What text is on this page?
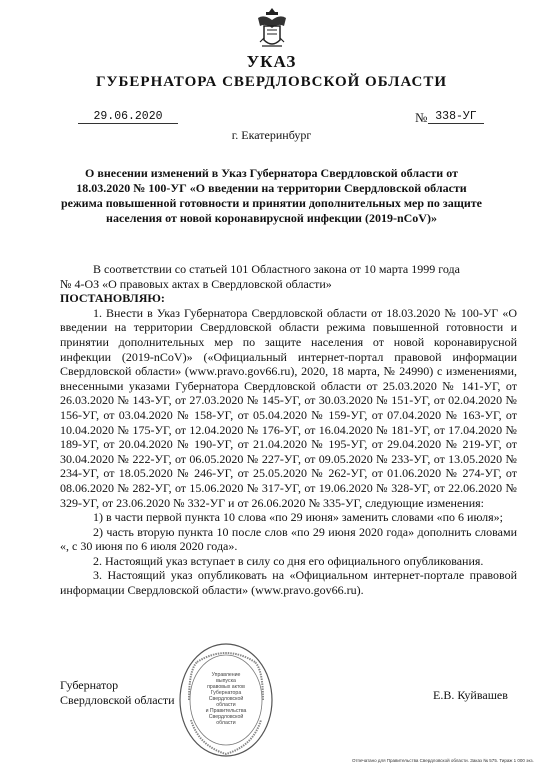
УКАЗ
ГУБЕРНАТОРА СВЕРДЛОВСКОЙ ОБЛАСТИ
29.06.2020	№ 338-УГ
г. Екатеринбург
О внесении изменений в Указ Губернатора Свердловской области от 18.03.2020 № 100-УГ «О введении на территории Свердловской области режима повышенной готовности и принятии дополнительных мер по защите населения от новой коронавирусной инфекции (2019-nCoV)»

В соответствии со статьей 101 Областного закона от 10 марта 1999 года

№ 4-ОЗ «О правовых актах в Свердловской области»

ПОСТАНОВЛЯЮ:

1. Внести в Указ Губернатора Свердловской области от 18.03.2020 № 100-УГ «О введении на территории Свердловской области режима повышенной готовности и принятии дополнительных мер по защите населения от новой коронавирусной инфекции (2019-nCoV)» («Официальный интернет-портал правовой информации Свердловской области» (www.pravo.gov66.ru), 2020, 18 марта, № 24990) с изменениями, внесенными указами Губернатора Свердловской области от 25.03.2020 № 141-УГ, от 26.03.2020 № 143-УГ, от 27.03.2020 № 145-УГ, от 30.03.2020 № 151-УГ, от 02.04.2020 № 156-УГ, от 03.04.2020 № 158-УГ, от 05.04.2020 № 159-УГ, от 07.04.2020 № 163-УГ, от 10.04.2020 № 175-УГ, от 12.04.2020 № 176-УГ, от 16.04.2020 № 181-УГ, от 17.04.2020 № 189-УГ, от 20.04.2020 № 190-УГ, от 21.04.2020 № 195-УГ, от 29.04.2020 № 219-УГ, от 30.04.2020 № 222-УГ, от 06.05.2020 № 227-УГ, от 09.05.2020 № 233-УГ, от 13.05.2020 № 234-УГ, от 18.05.2020 № 246-УГ, от 25.05.2020 № 262-УГ, от 01.06.2020 № 274-УГ, от 08.06.2020 № 282-УГ, от 15.06.2020 № 317-УГ, от 19.06.2020 № 328-УГ, от 22.06.2020 № 329-УГ, от 23.06.2020 № 332-УГ и от 26.06.2020 № 335-УГ, следующие изменения:

1) в части первой пункта 10 слова «по 29 июня» заменить словами «по 6 июля»;

2) часть вторую пункта 10 после слов «по 29 июня 2020 года» дополнить словами «, с 30 июня по 6 июля 2020 года».

2. Настоящий указ вступает в силу со дня его официального опубликования.

3. Настоящий указ опубликовать на «Официальном интернет-портале правовой информации Свердловской области» (www.pravo.gov66.ru).

Губернатор
Свердловской области	Е.В. Куйвашев
Управление
выпуска
правовых актов
Губернатора
Свердловской
области
и Правительства
Свердловской
области
Отпечатано для Правительства Свердловской области. Заказ № 575. Тираж 1 000 экз.
